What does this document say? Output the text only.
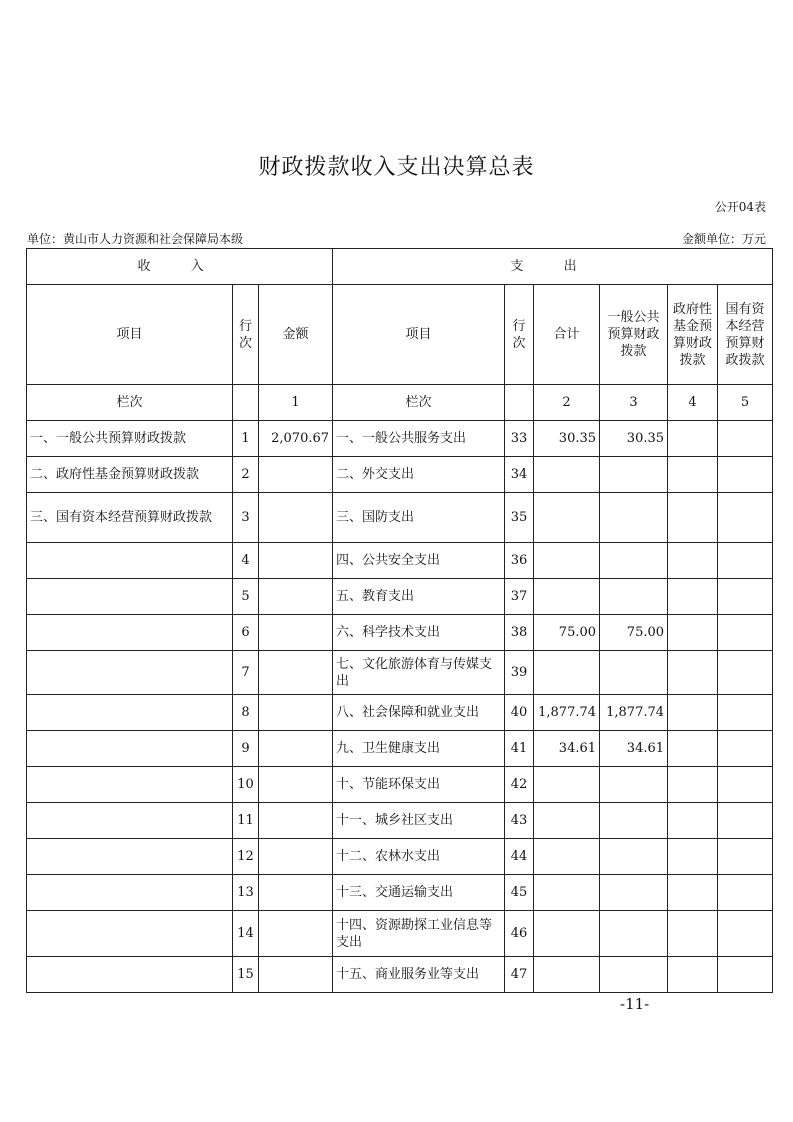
财政拨款收入支出决算总表
公开04表
单位：黄山市人力资源和社会保障局本级	金额单位：万元
收 入			支 出					
项目	行次	金额	项目	行次	合计	一般公共预算财政拨款	政府性基金预算财政拨款	国有资本经营预算财政拨款
栏次		1	栏次		2	3	4	5
一、一般公共预算财政拨款	1	2,070.67	一、一般公共服务支出	33	30.35	30.35		
二、政府性基金预算财政拨款	2		二、外交支出	34				
三、国有资本经营预算财政拨款	3		三、国防支出	35				
	4		四、公共安全支出	36				
	5		五、教育支出	37				
	6		六、科学技术支出	38	75.00	75.00		
	7		七、文化旅游体育与传媒支出	39				
	8		八、社会保障和就业支出	40	1,877.74	1,877.74		
	9		九、卫生健康支出	41	34.61	34.61		
	10		十、节能环保支出	42				
	11		十一、城乡社区支出	43				
	12		十二、农林水支出	44				
	13		十三、交通运输支出	45				
	14		十四、资源勘探工业信息等支出	46				
	15		十五、商业服务业等支出	47				
-11-
